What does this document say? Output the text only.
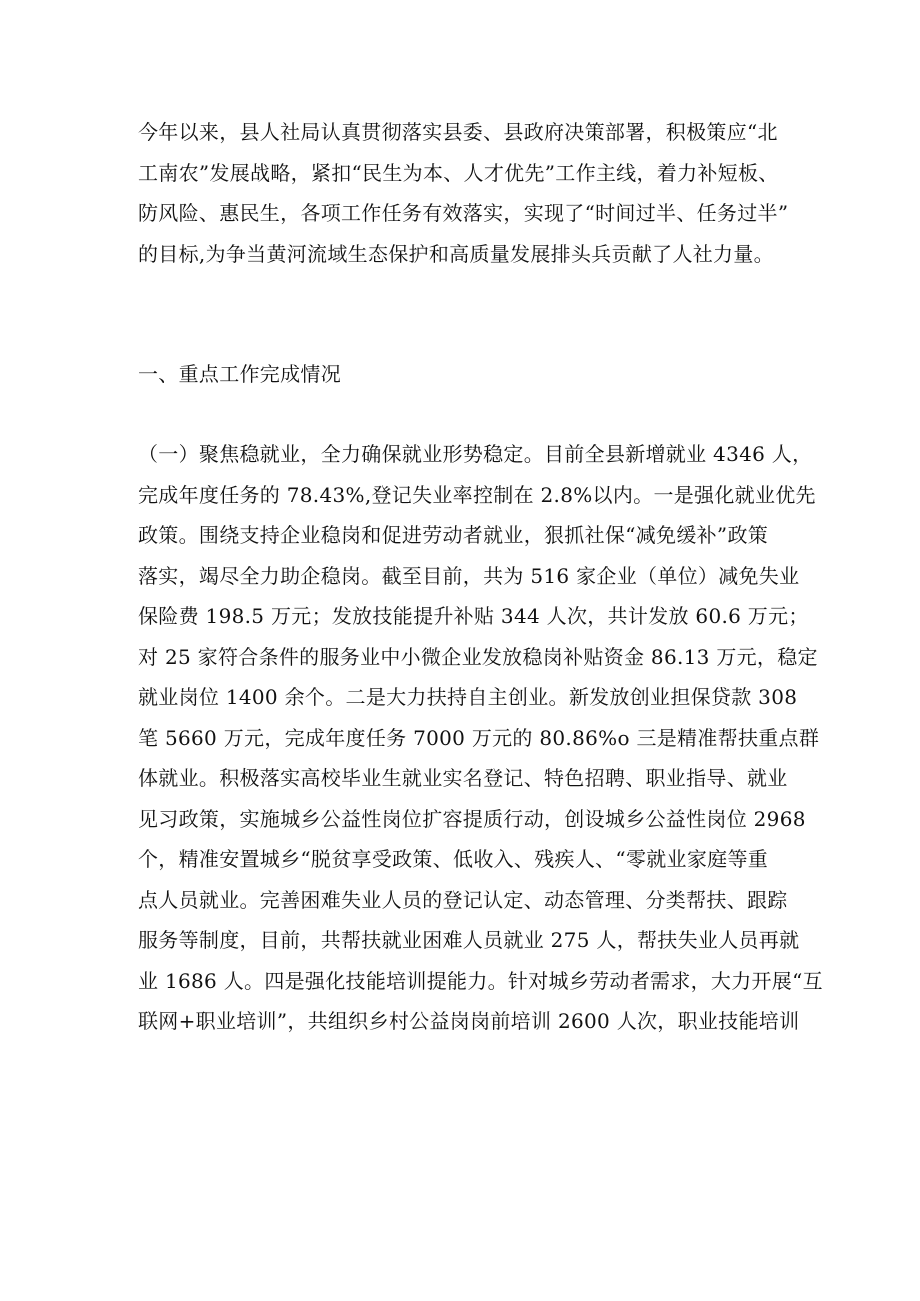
今年以来，县人社局认真贯彻落实县委、县政府决策部署，积极策应“北
工南农”发展战略，紧扣“民生为本、人才优先”工作主线，着力补短板、
防风险、惠民生，各项工作任务有效落实，实现了“时间过半、任务过半”
的目标,为争当黄河流域生态保护和高质量发展排头兵贡献了人社力量。
一、重点工作完成情况
（一）聚焦稳就业，全力确保就业形势稳定。目前全县新增就业 4346 人，
完成年度任务的 78.43%,登记失业率控制在 2.8%以内。一是强化就业优先
政策。围绕支持企业稳岗和促进劳动者就业，狠抓社保“减免缓补”政策
落实，竭尽全力助企稳岗。截至目前，共为 516 家企业（单位）减免失业
保险费 198.5 万元；发放技能提升补贴 344 人次，共计发放 60.6 万元；
对 25 家符合条件的服务业中小微企业发放稳岗补贴资金 86.13 万元，稳定
就业岗位 1400 余个。二是大力扶持自主创业。新发放创业担保贷款 308
笔 5660 万元，完成年度任务 7000 万元的 80.86%o 三是精准帮扶重点群
体就业。积极落实高校毕业生就业实名登记、特色招聘、职业指导、就业
见习政策，实施城乡公益性岗位扩容提质行动，创设城乡公益性岗位 2968
个，精准安置城乡“脱贫享受政策、低收入、残疾人、“零就业家庭等重
点人员就业。完善困难失业人员的登记认定、动态管理、分类帮扶、跟踪
服务等制度，目前，共帮扶就业困难人员就业 275 人，帮扶失业人员再就
业 1686 人。四是强化技能培训提能力。针对城乡劳动者需求，大力开展“互
联网+职业培训”，共组织乡村公益岗岗前培训 2600 人次，职业技能培训
